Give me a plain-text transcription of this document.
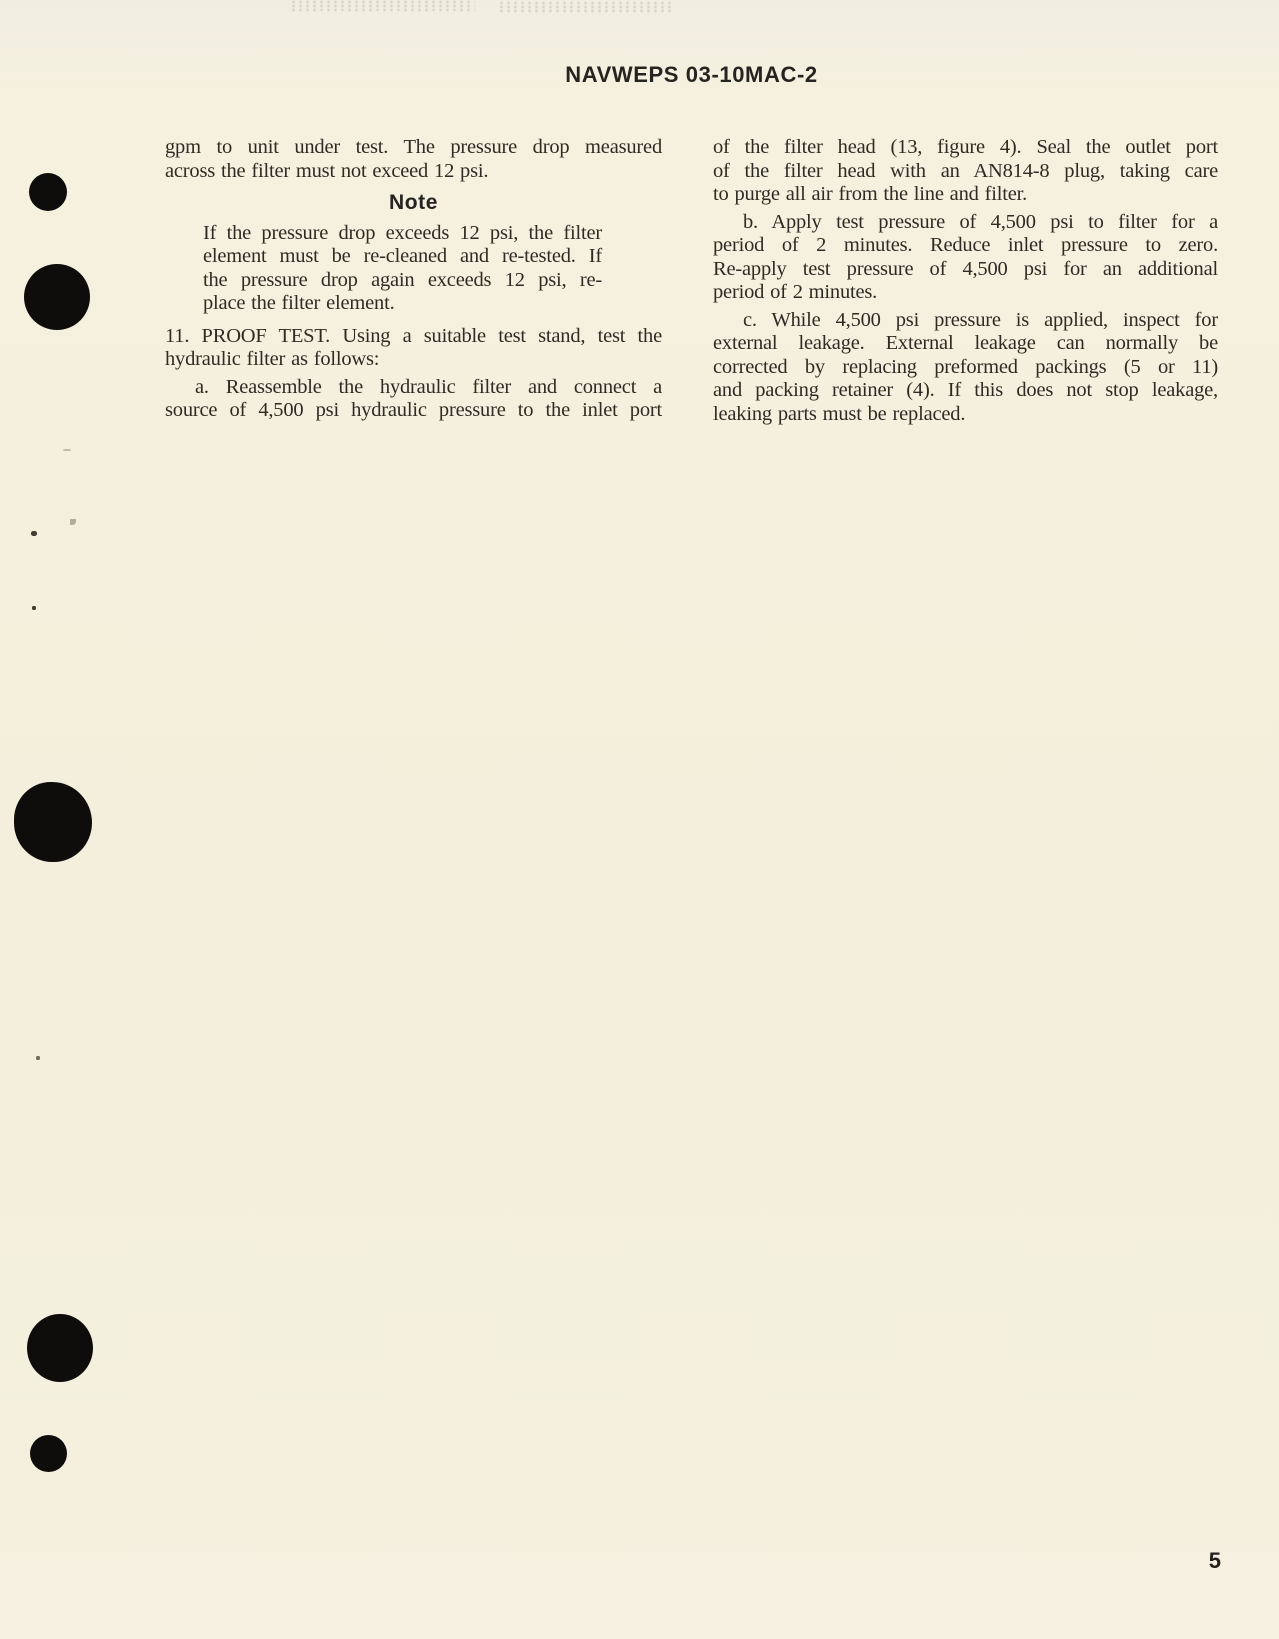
NAVWEPS 03-10MAC-2
gpm to unit under test. The pressure drop measured
across the filter must not exceed 12 psi.
Note
If the pressure drop exceeds 12 psi, the filter
element must be re-cleaned and re-tested. If
the pressure drop again exceeds 12 psi, re-
place the filter element.
11. PROOF TEST. Using a suitable test stand, test the
hydraulic filter as follows:
a. Reassemble the hydraulic filter and connect a
source of 4,500 psi hydraulic pressure to the inlet port
of the filter head (13, figure 4). Seal the outlet port
of the filter head with an AN814-8 plug, taking care
to purge all air from the line and filter.
b. Apply test pressure of 4,500 psi to filter for a
period of 2 minutes. Reduce inlet pressure to zero.
Re-apply test pressure of 4,500 psi for an additional
period of 2 minutes.
c. While 4,500 psi pressure is applied, inspect for
external leakage. External leakage can normally be
corrected by replacing preformed packings (5 or 11)
and packing retainer (4). If this does not stop leakage,
leaking parts must be replaced.
5
